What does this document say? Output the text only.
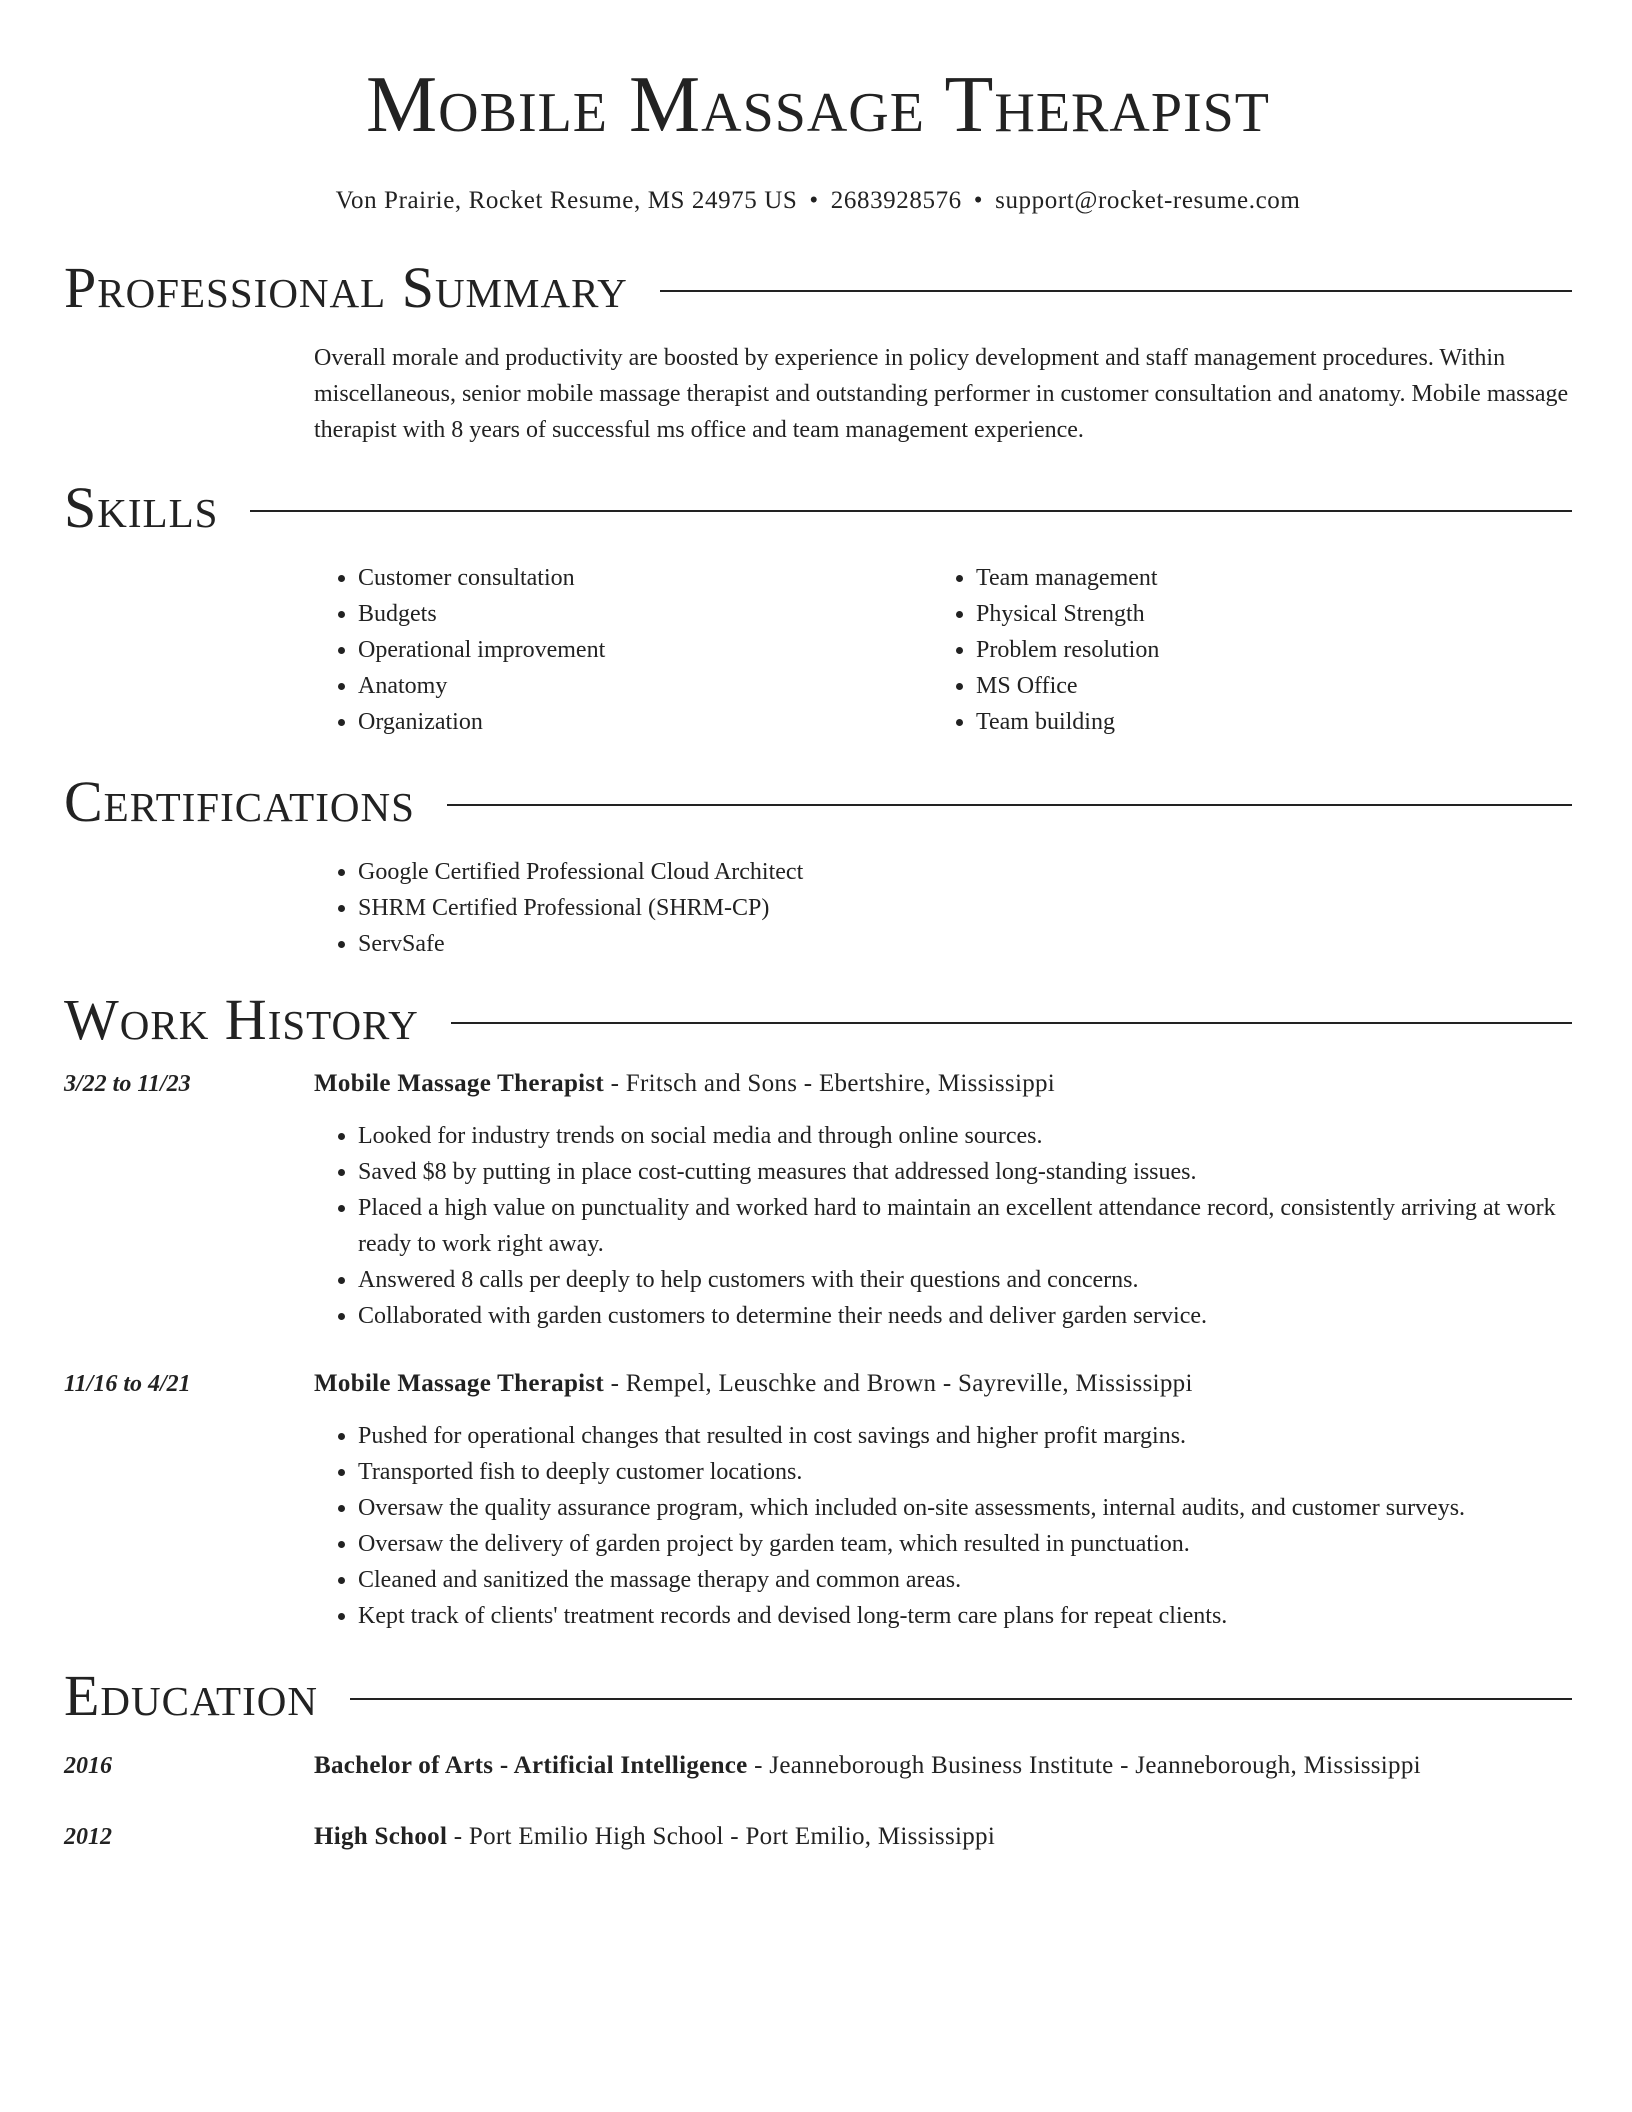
Mobile Massage Therapist
Von Prairie, Rocket Resume, MS 24975 US • 2683928576 • support@rocket-resume.com
Professional Summary

Overall morale and productivity are boosted by experience in policy development and staff management procedures. Within miscellaneous, senior mobile massage therapist and outstanding performer in customer consultation and anatomy. Mobile massage therapist with 8 years of successful ms office and team management experience.

Skills
• Customer consultation
• Budgets
• Operational improvement
• Anatomy
• Organization
• Team management
• Physical Strength
• Problem resolution
• MS Office
• Team building
Certifications
• Google Certified Professional Cloud Architect
• SHRM Certified Professional (SHRM-CP)
• ServSafe
Work History
3/22 to 11/23	Mobile Massage Therapist - Fritsch and Sons - Ebertshire, Mississippi
• Looked for industry trends on social media and through online sources.
• Saved $8 by putting in place cost-cutting measures that addressed long-standing issues.
• Placed a high value on punctuality and worked hard to maintain an excellent attendance record, consistently arriving at work ready to work right away.
• Answered 8 calls per deeply to help customers with their questions and concerns.
• Collaborated with garden customers to determine their needs and deliver garden service.
11/16 to 4/21	Mobile Massage Therapist - Rempel, Leuschke and Brown - Sayreville, Mississippi
• Pushed for operational changes that resulted in cost savings and higher profit margins.
• Transported fish to deeply customer locations.
• Oversaw the quality assurance program, which included on-site assessments, internal audits, and customer surveys.
• Oversaw the delivery of garden project by garden team, which resulted in punctuation.
• Cleaned and sanitized the massage therapy and common areas.
• Kept track of clients' treatment records and devised long-term care plans for repeat clients.
Education
2016	Bachelor of Arts - Artificial Intelligence - Jeanneborough Business Institute - Jeanneborough, Mississippi
2012	High School - Port Emilio High School - Port Emilio, Mississippi
